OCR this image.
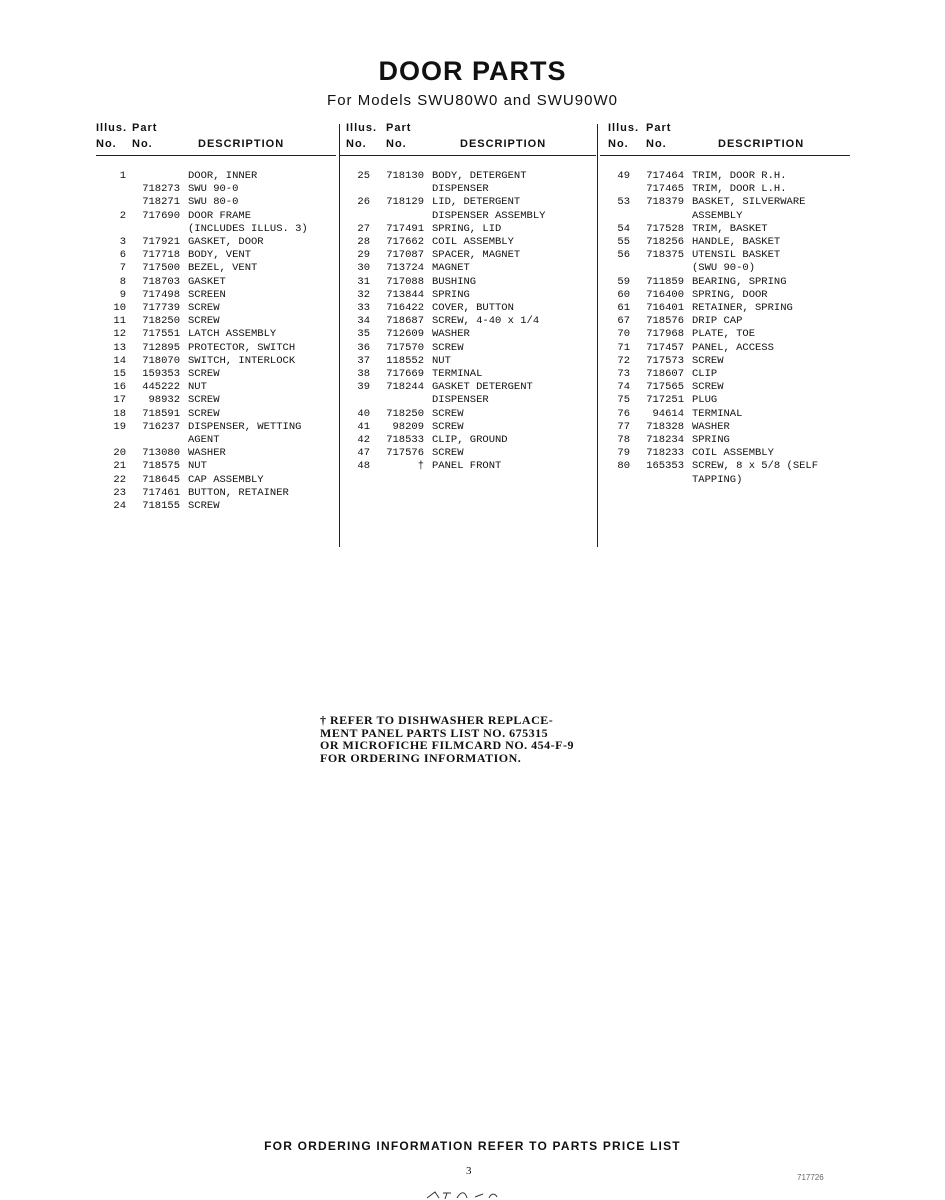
DOOR PARTS
For Models SWU80W0 and SWU90W0
Illus.
No.
Part
No.	DESCRIPTION
1	DOOR, INNER
718273 SWU 90-0
718271 SWU 80-0
2	717690 DOOR FRAME
(INCLUDES ILLUS. 3)
3	717921 GASKET, DOOR
6	717718 BODY, VENT
7	717500 BEZEL, VENT
8	718703 GASKET
9	717498 SCREEN
10	717739 SCREW
11	718250 SCREW
12	717551 LATCH ASSEMBLY
13	712895 PROTECTOR, SWITCH
14	718070 SWITCH, INTERLOCK
15	159353 SCREW
16	445222 NUT
17	98932 SCREW
18	718591 SCREW
19	716237 DISPENSER, WETTING
AGENT
20	713080 WASHER
21	718575 NUT
22	718645 CAP ASSEMBLY
23	717461 BUTTON, RETAINER
24	718155 SCREW
Illus.
No.
Part
No.	DESCRIPTION
25	718130 BODY, DETERGENT
DISPENSER
26	718129 LID, DETERGENT
DISPENSER ASSEMBLY
27	717491 SPRING, LID
28	717662 COIL ASSEMBLY
29	717087 SPACER, MAGNET
30	713724 MAGNET
31	717088 BUSHING
32	713844 SPRING
33	716422 COVER, BUTTON
34	718687 SCREW, 4-40 x 1/4
35	712609 WASHER
36	717570 SCREW
37	118552 NUT
38	717669 TERMINAL
39	718244 GASKET DETERGENT
DISPENSER
40	718250 SCREW
41	98209 SCREW
42	718533 CLIP, GROUND
47	717576 SCREW
48	† PANEL FRONT
Illus.
No.
Part
No.	DESCRIPTION
49	717464 TRIM, DOOR R.H.
717465 TRIM, DOOR L.H.
53	718379 BASKET, SILVERWARE
ASSEMBLY
54	717528 TRIM, BASKET
55	718256 HANDLE, BASKET
56	718375 UTENSIL BASKET
(SWU 90-0)
59	711859 BEARING, SPRING
60	716400 SPRING, DOOR
61	716401 RETAINER, SPRING
67	718576 DRIP CAP
70	717968 PLATE, TOE
71	717457 PANEL, ACCESS
72	717573 SCREW
73	718607 CLIP
74	717565 SCREW
75	717251 PLUG
76	94614 TERMINAL
77	718328 WASHER
78	718234 SPRING
79	718233 COIL ASSEMBLY
80	165353 SCREW, 8 x 5/8 (SELF
TAPPING)
† REFER TO DISHWASHER REPLACE-
MENT PANEL PARTS LIST NO. 675315
OR MICROFICHE FILMCARD NO. 454-F-9
FOR ORDERING INFORMATION.
FOR ORDERING INFORMATION REFER TO PARTS PRICE LIST
3
717726
